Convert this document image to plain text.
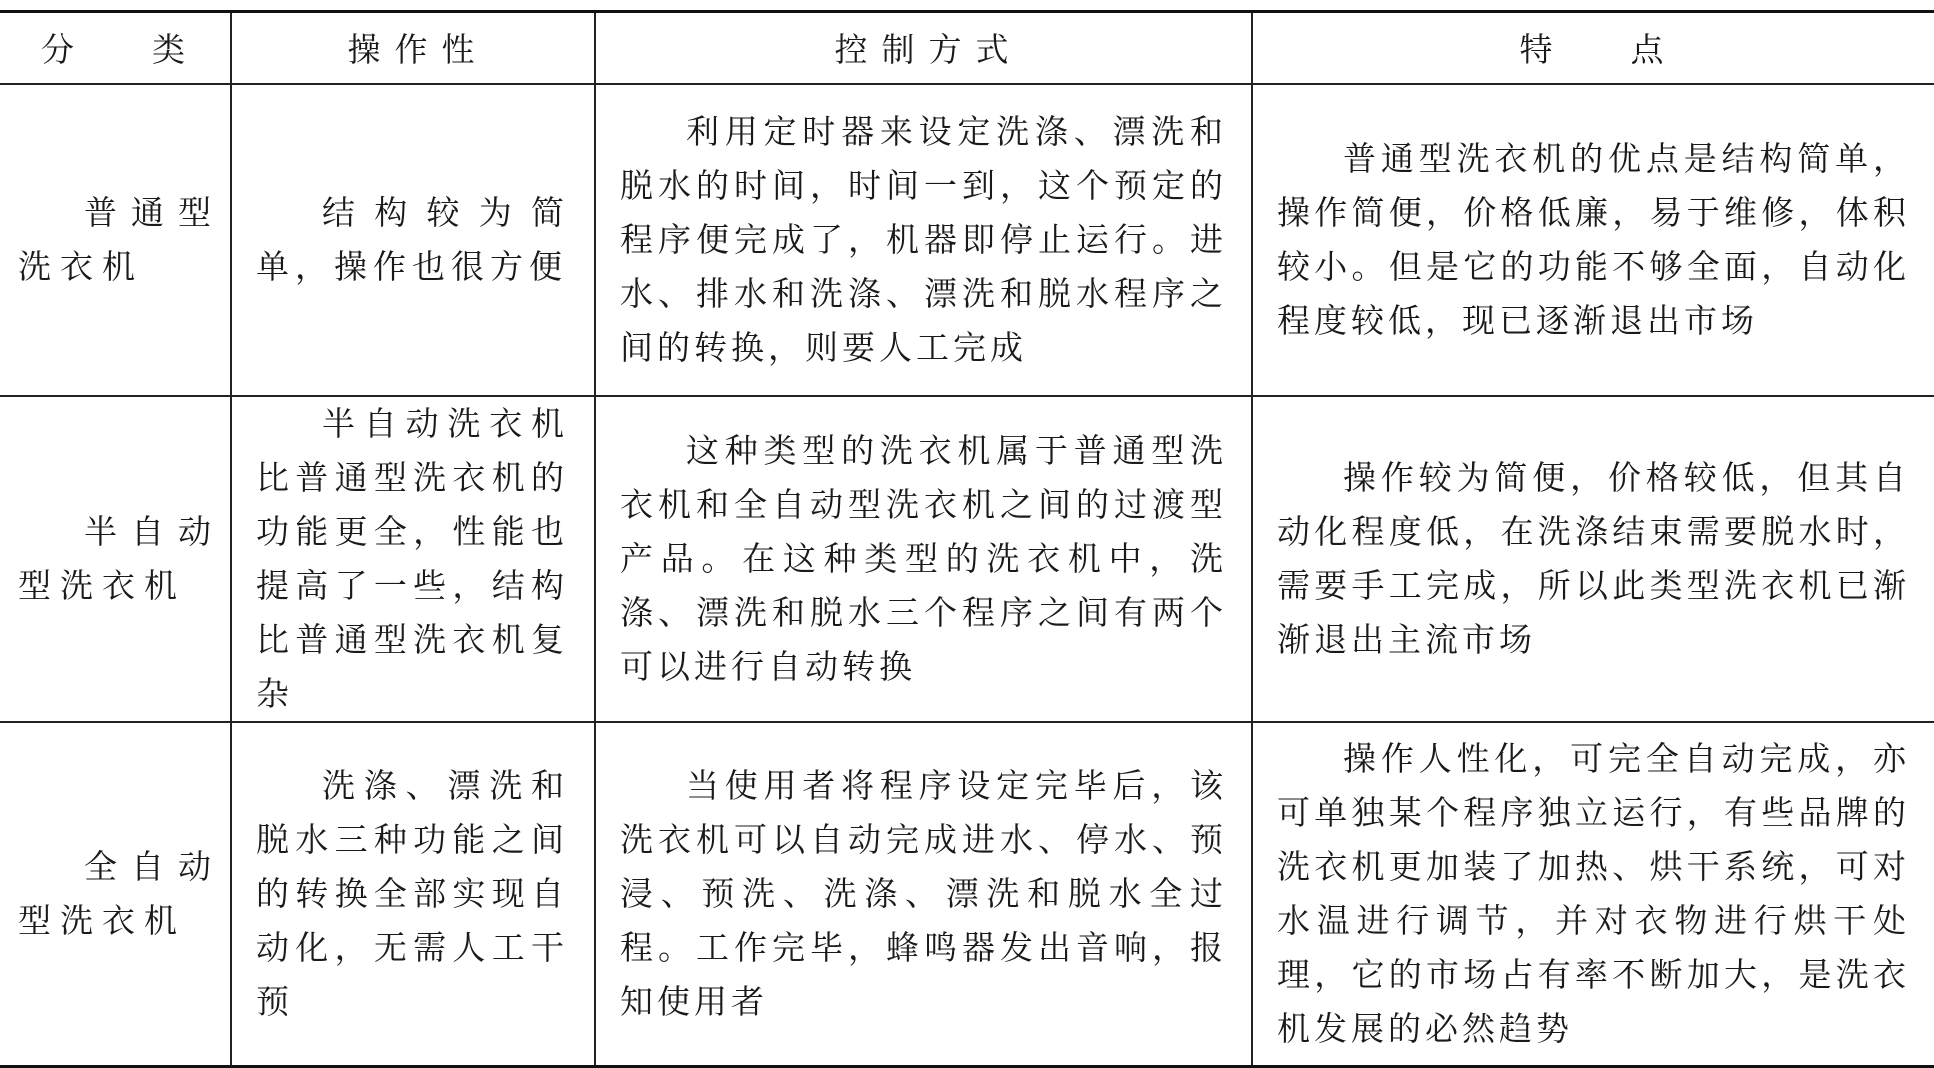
分　　类	操作性	控制方式	特　　点

普通型洗衣机	结构较为简单，操作也很方便	利用定时器来设定洗涤、漂洗和脱水的时间，时间一到，这个预定的程序便完成了，机器即停止运行。进水、排水和洗涤、漂洗和脱水程序之间的转换，则要人工完成	普通型洗衣机的优点是结构简单，操作简便，价格低廉，易于维修，体积较小。但是它的功能不够全面，自动化程度较低，现已逐渐退出市场

半自动型洗衣机	半自动洗衣机比普通型洗衣机的功能更全，性能也提高了一些，结构比普通型洗衣机复杂	这种类型的洗衣机属于普通型洗衣机和全自动型洗衣机之间的过渡型产品。在这种类型的洗衣机中，洗涤、漂洗和脱水三个程序之间有两个可以进行自动转换	操作较为简便，价格较低，但其自动化程度低，在洗涤结束需要脱水时，需要手工完成，所以此类型洗衣机已渐渐退出主流市场

全自动型洗衣机	洗涤、漂洗和脱水三种功能之间的转换全部实现自动化，无需人工干预	当使用者将程序设定完毕后，该洗衣机可以自动完成进水、停水、预浸、预洗、洗涤、漂洗和脱水全过程。工作完毕，蜂鸣器发出音响，报知使用者	操作人性化，可完全自动完成，亦可单独某个程序独立运行，有些品牌的洗衣机更加装了加热、烘干系统，可对水温进行调节，并对衣物进行烘干处理，它的市场占有率不断加大，是洗衣机发展的必然趋势
